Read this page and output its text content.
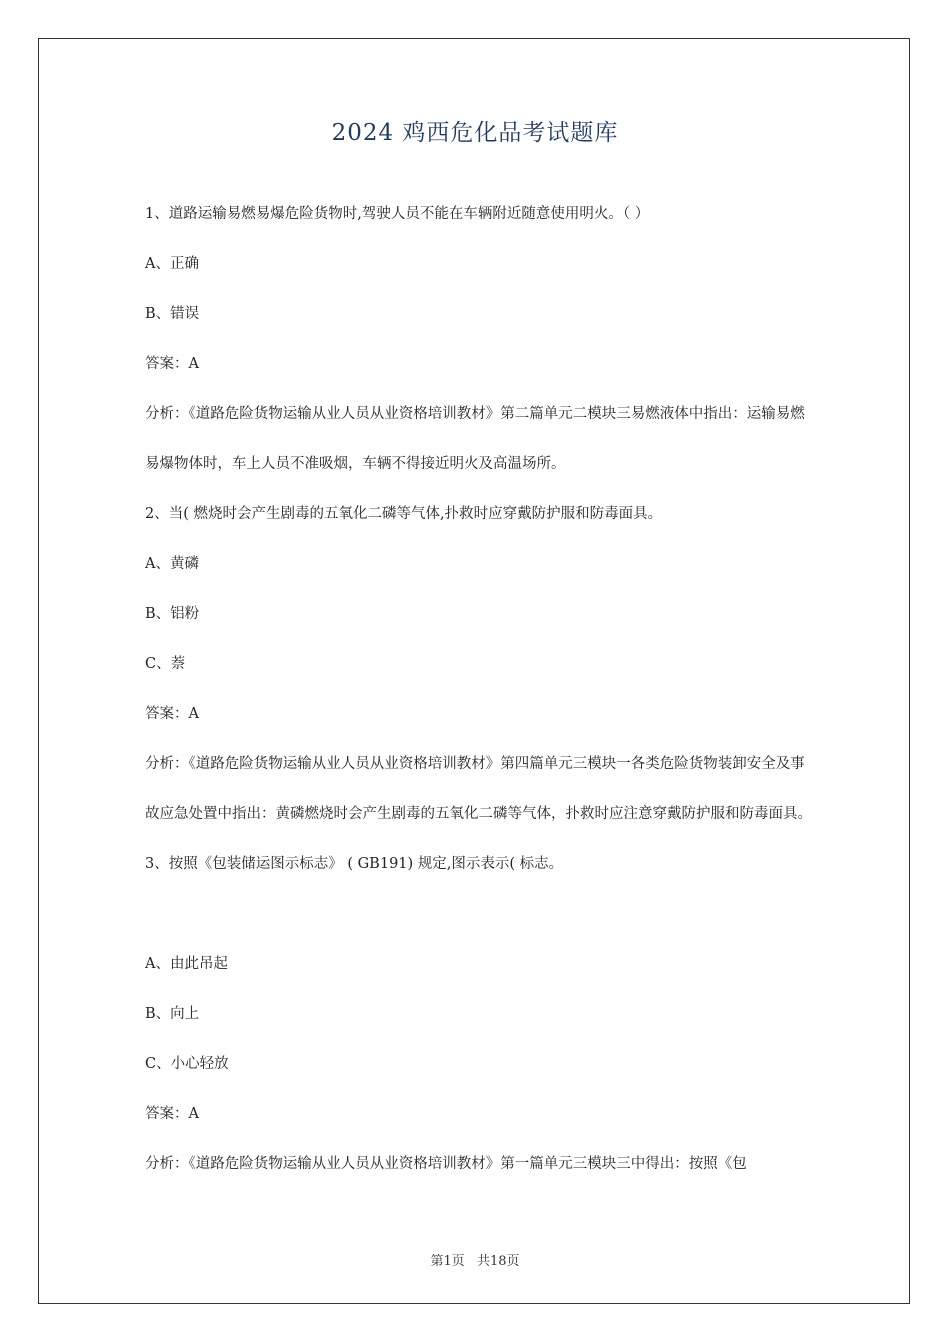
2024 鸡西危化品考试题库
1、道路运输易燃易爆危险货物时,驾驶人员不能在车辆附近随意使用明火。（ ）
A、正确
B、错误
答案：A
分析：《道路危险货物运输从业人员从业资格培训教材》第二篇单元二模块三易燃液体中指出：运输易燃易爆物体时，车上人员不准吸烟，车辆不得接近明火及高温场所。
2、当( 燃烧时会产生剧毒的五氧化二磷等气体,扑救时应穿戴防护服和防毒面具。
A、黄磷
B、铝粉
C、萘
答案：A
分析：《道路危险货物运输从业人员从业资格培训教材》第四篇单元三模块一各类危险货物装卸安全及事故应急处置中指出：黄磷燃烧时会产生剧毒的五氧化二磷等气体，扑救时应注意穿戴防护服和防毒面具。
3、按照《包装储运图示标志》 ( GB191) 规定,图示表示( 标志。
A、由此吊起
B、向上
C、小心轻放
答案：A
分析：《道路危险货物运输从业人员从业资格培训教材》第一篇单元三模块三中得出：按照《包
第1页 共18页
